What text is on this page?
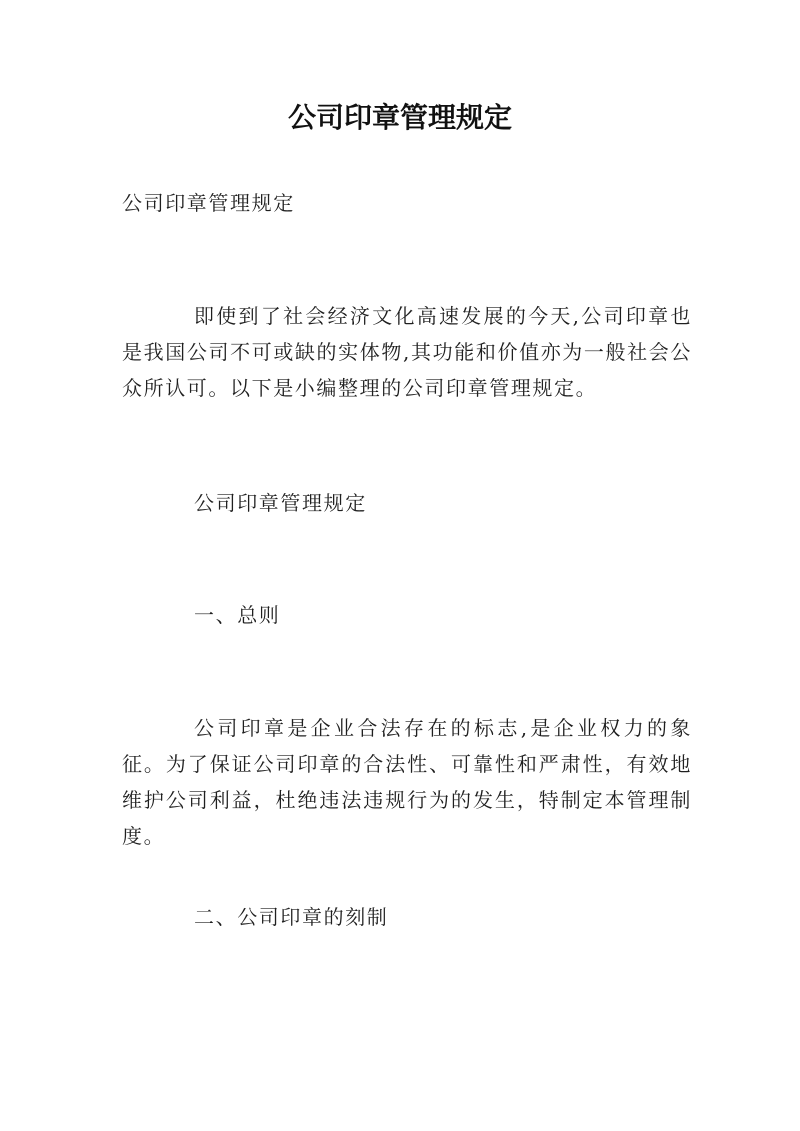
公司印章管理规定
公司印章管理规定
即使到了社会经济文化高速发展的今天,公司印章也是我国公司不可或缺的实体物,其功能和价值亦为一般社会公众所认可。以下是小编整理的公司印章管理规定。
公司印章管理规定
一、总则
公司印章是企业合法存在的标志,是企业权力的象征。为了保证公司印章的合法性、可靠性和严肃性，有效地维护公司利益，杜绝违法违规行为的发生，特制定本管理制度。
二、公司印章的刻制
